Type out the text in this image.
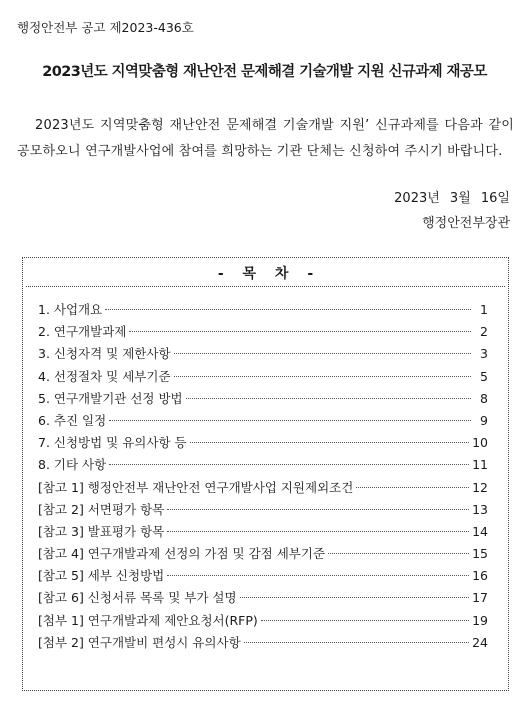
행정안전부 공고 제2023-436호
2023년도 지역맞춤형 재난안전 문제해결 기술개발 지원 신규과제 재공모

2023년도 지역맞춤형 재난안전 문제해결 기술개발 지원’ 신규과제를 다음과 같이 공모하오니 연구개발사업에 참여를 희망하는 기관 단체는 신청하여 주시기 바랍니다.

2023년 3월 16일
행정안전부장관
- 목 차 -
1. 사업개요	1
2. 연구개발과제	2
3. 신청자격 및 제한사항	3
4. 선정절차 및 세부기준	5
5. 연구개발기관 선정 방법	8
6. 추진 일정	9
7. 신청방법 및 유의사항 등	10
8. 기타 사항	11
[참고 1] 행정안전부 재난안전 연구개발사업 지원제외조건	12
[참고 2] 서면평가 항목	13
[참고 3] 발표평가 항목	14
[참고 4] 연구개발과제 선정의 가점 및 감점 세부기준	15
[참고 5] 세부 신청방법	16
[참고 6] 신청서류 목록 및 부가 설명	17
[첨부 1] 연구개발과제 제안요청서(RFP)	19
[첨부 2] 연구개발비 편성시 유의사항	24
